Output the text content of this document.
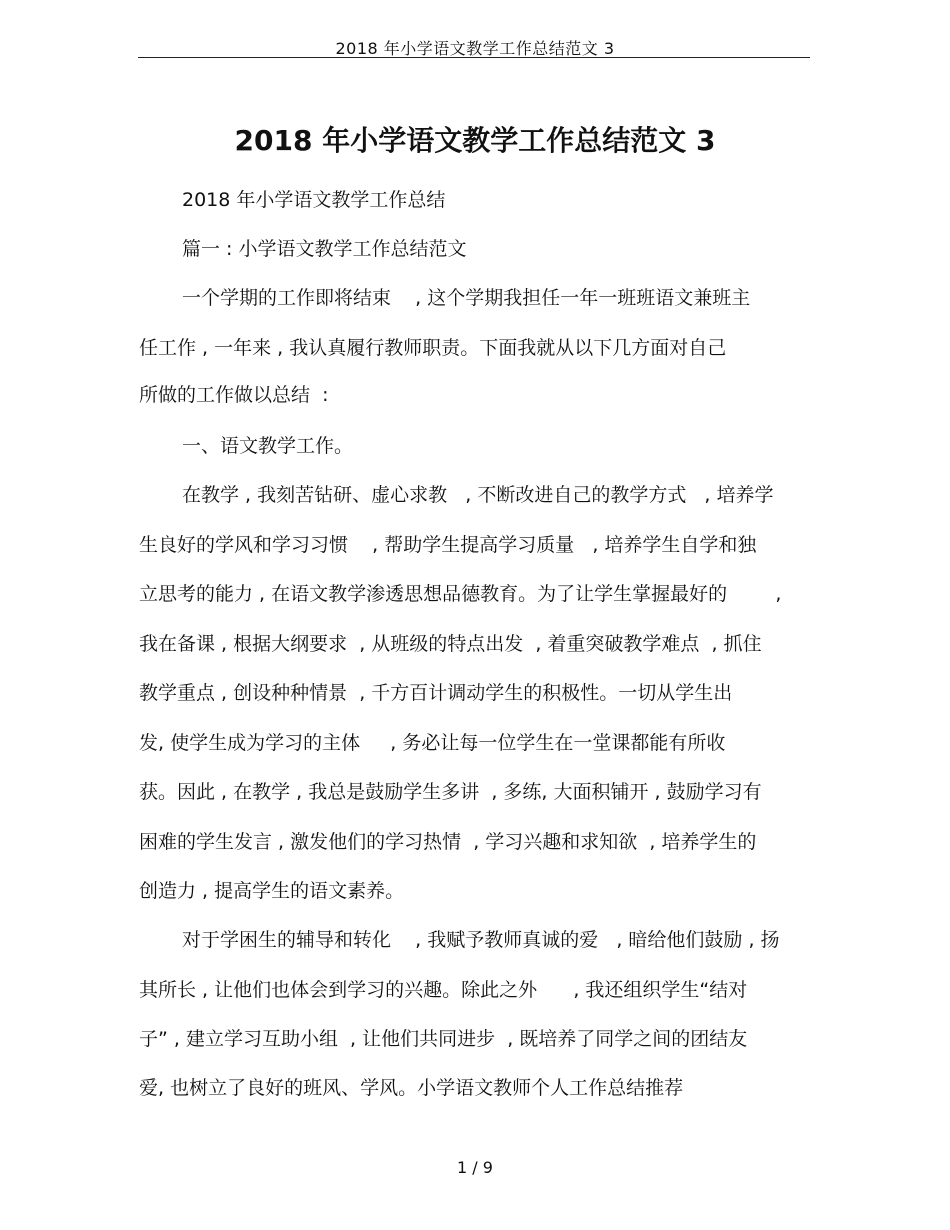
2018 年小学语文教学工作总结范文 3
2018 年小学语文教学工作总结范文 3
2018 年小学语文教学工作总结
篇一 : 小学语文教学工作总结范文
一个学期的工作即将结束    , 这个学期我担任一年一班班语文兼班主
任工作 , 一年来 , 我认真履行教师职责。下面我就从以下几方面对自己
所做的工作做以总结  :
一、语文教学工作。
在教学 , 我刻苦钻研、虚心求教   , 不断改进自己的教学方式   , 培养学
生良好的学风和学习习惯    , 帮助学生提高学习质量   , 培养学生自学和独
立思考的能力 , 在语文教学渗透思想品德教育。为了让学生掌握最好的        ,
我在备课 , 根据大纲要求  , 从班级的特点出发  , 着重突破教学难点  , 抓住
教学重点 , 创设种种情景  , 千方百计调动学生的积极性。一切从学生出
发, 使学生成为学习的主体     , 务必让每一位学生在一堂课都能有所收
获。因此 , 在教学 , 我总是鼓励学生多讲  , 多练, 大面积铺开 , 鼓励学习有
困难的学生发言 , 激发他们的学习热情  , 学习兴趣和求知欲  , 培养学生的
创造力 , 提高学生的语文素养。
对于学困生的辅导和转化    , 我赋予教师真诚的爱   , 暗给他们鼓励 , 扬
其所长 , 让他们也体会到学习的兴趣。除此之外      , 我还组织学生“结对
子” , 建立学习互助小组  , 让他们共同进步  , 既培养了同学之间的团结友
爱, 也树立了良好的班风、学风。小学语文教师个人工作总结推荐
1 / 9
